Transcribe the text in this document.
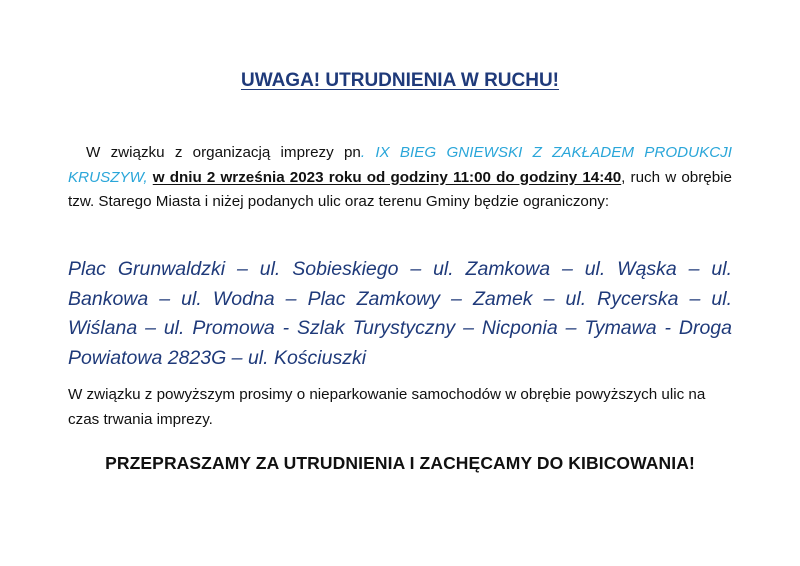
UWAGA! UTRUDNIENIA W RUCHU!

W związku z organizacją imprezy pn. IX BIEG GNIEWSKI Z ZAKŁADEM PRODUKCJI KRUSZYW, w dniu 2 września 2023 roku od godziny 11:00 do godziny 14:40, ruch w obrębie tzw. Starego Miasta i niżej podanych ulic oraz terenu Gminy będzie ograniczony:

Plac Grunwaldzki – ul. Sobieskiego – ul. Zamkowa – ul. Wąska – ul. Bankowa – ul. Wodna – Plac Zamkowy – Zamek – ul. Rycerska – ul. Wiślana – ul. Promowa - Szlak Turystyczny – Nicponia – Tymawa - Droga Powiatowa 2823G – ul. Kościuszki

W związku z powyższym prosimy o nieparkowanie samochodów w obrębie powyższych ulic na czas trwania imprezy.

PRZEPRASZAMY ZA UTRUDNIENIA I ZACHĘCAMY DO KIBICOWANIA!
